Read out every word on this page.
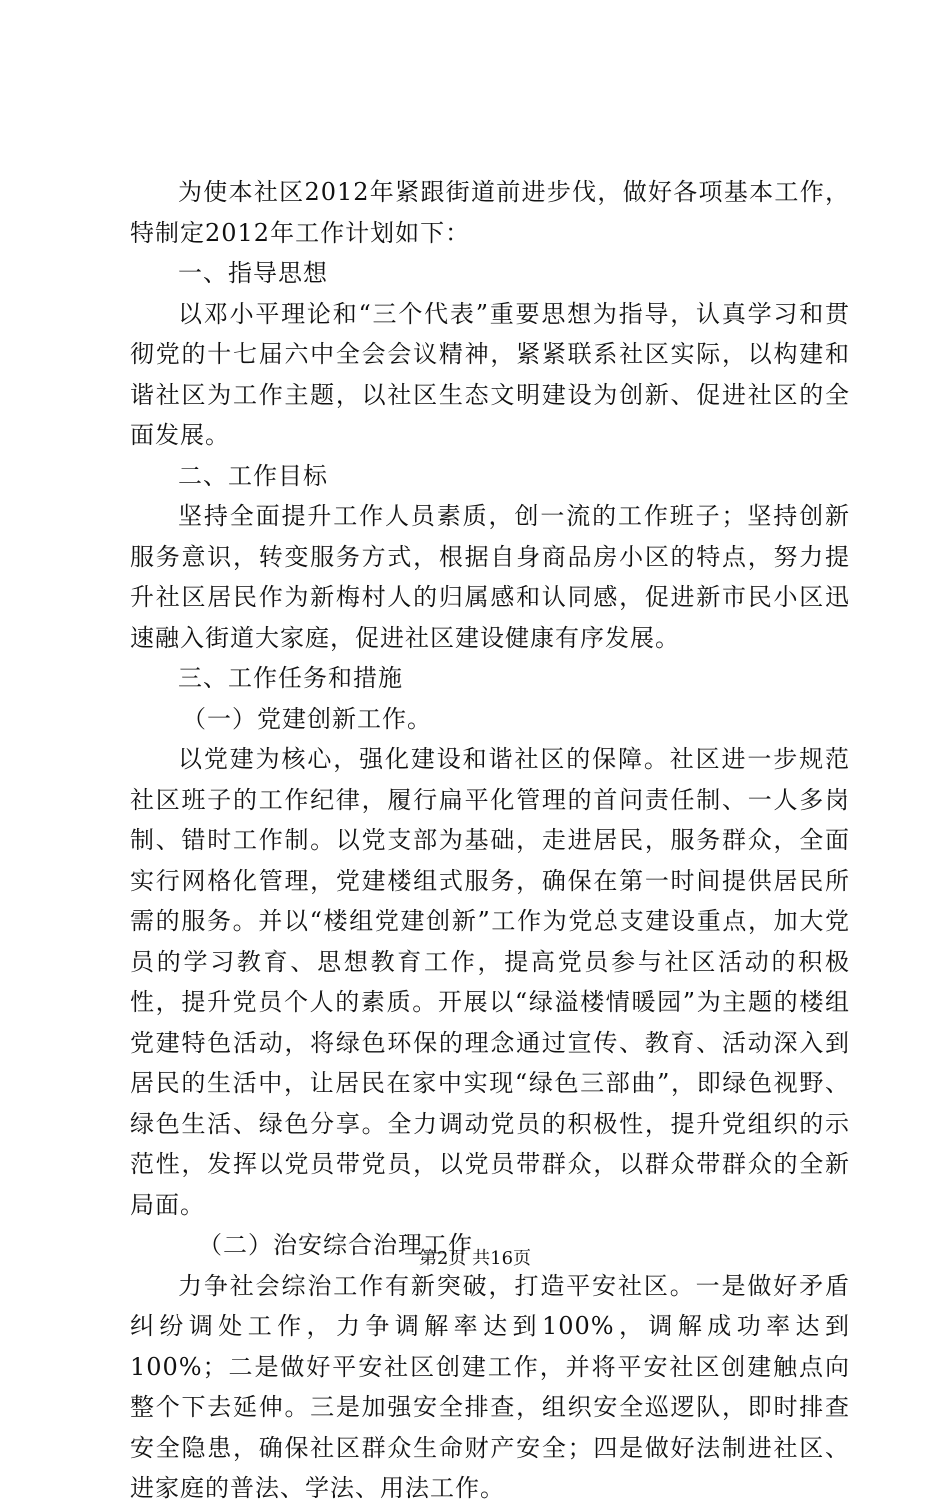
为使本社区2012年紧跟街道前进步伐，做好各项基本工作，特制定2012年工作计划如下：

一、指导思想

以邓小平理论和“三个代表”重要思想为指导，认真学习和贯彻党的十七届六中全会会议精神，紧紧联系社区实际，以构建和谐社区为工作主题，以社区生态文明建设为创新、促进社区的全面发展。

二、工作目标

坚持全面提升工作人员素质，创一流的工作班子；坚持创新服务意识，转变服务方式，根据自身商品房小区的特点，努力提升社区居民作为新梅村人的归属感和认同感，促进新市民小区迅速融入街道大家庭，促进社区建设健康有序发展。

三、工作任务和措施

（一）党建创新工作。

以党建为核心，强化建设和谐社区的保障。社区进一步规范社区班子的工作纪律，履行扁平化管理的首问责任制、一人多岗制、错时工作制。以党支部为基础，走进居民，服务群众，全面实行网格化管理，党建楼组式服务，确保在第一时间提供居民所需的服务。并以“楼组党建创新”工作为党总支建设重点，加大党员的学习教育、思想教育工作，提高党员参与社区活动的积极性，提升党员个人的素质。开展以“绿溢楼情暖园”为主题的楼组党建特色活动，将绿色环保的理念通过宣传、教育、活动深入到居民的生活中，让居民在家中实现“绿色三部曲”，即绿色视野、绿色生活、绿色分享。全力调动党员的积极性，提升党组织的示范性，发挥以党员带党员，以党员带群众，以群众带群众的全新局面。

（二）治安综合治理工作

力争社会综治工作有新突破，打造平安社区。一是做好矛盾纠纷调处工作，力争调解率达到100%，调解成功率达到100%；二是做好平安社区创建工作，并将平安社区创建触点向整个下去延伸。三是加强安全排查，组织安全巡逻队，即时排查安全隐患，确保社区群众生命财产安全；四是做好法制进社区、进家庭的普法、学法、用法工作。

第2页 共16页
